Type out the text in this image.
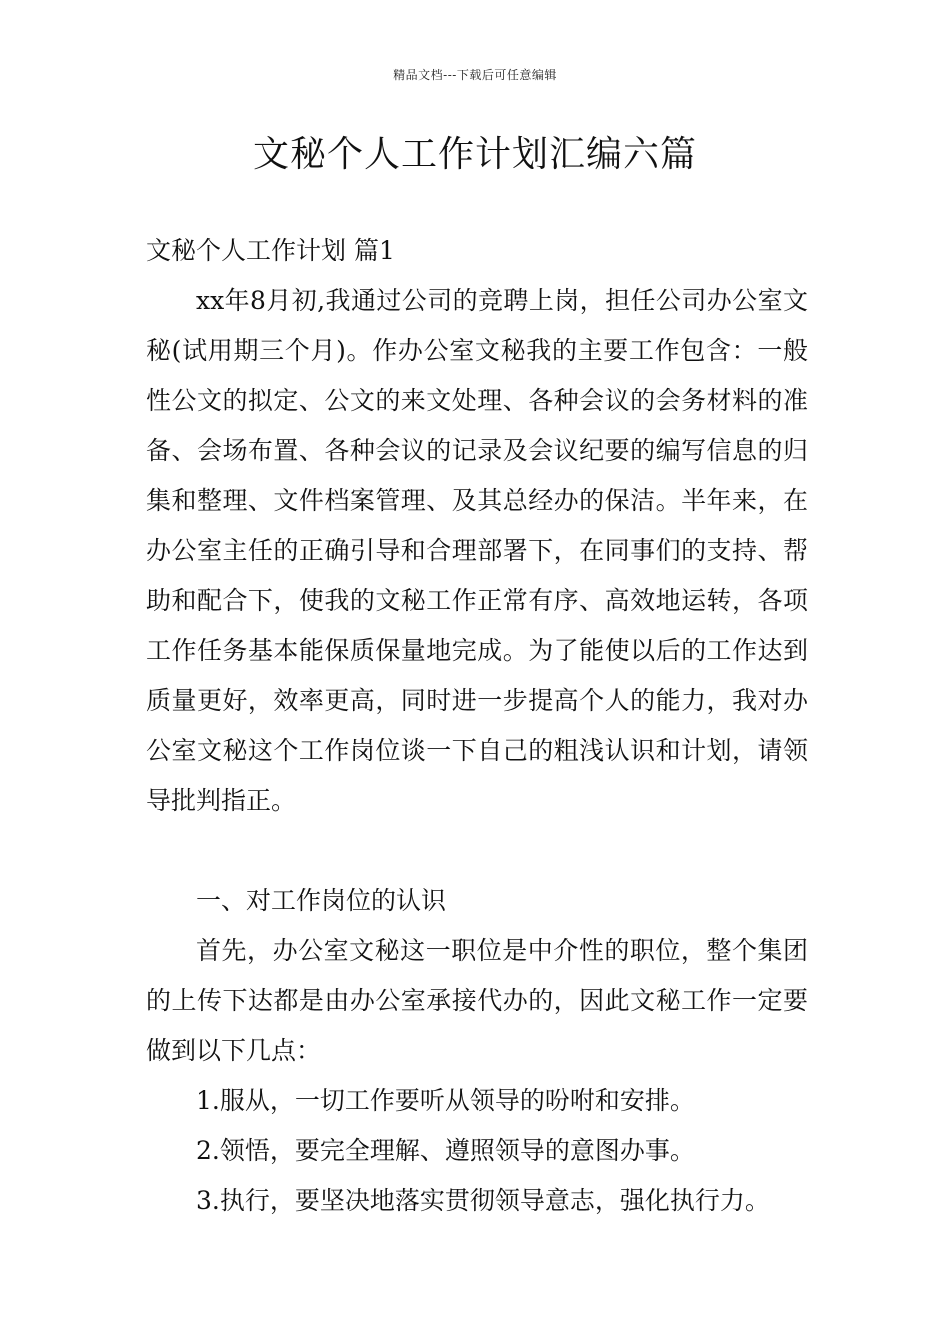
精品文档---下载后可任意编辑
文秘个人工作计划汇编六篇

文秘个人工作计划 篇1

xx年8月初,我通过公司的竞聘上岗，担任公司办公室文秘(试用期三个月)。作办公室文秘我的主要工作包含：一般性公文的拟定、公文的来文处理、各种会议的会务材料的准备、会场布置、各种会议的记录及会议纪要的编写信息的归集和整理、文件档案管理、及其总经办的保洁。半年来，在办公室主任的正确引导和合理部署下，在同事们的支持、帮助和配合下，使我的文秘工作正常有序、高效地运转，各项工作任务基本能保质保量地完成。为了能使以后的工作达到质量更好，效率更高，同时进一步提高个人的能力，我对办公室文秘这个工作岗位谈一下自己的粗浅认识和计划，请领导批判指正。

一、对工作岗位的认识

首先，办公室文秘这一职位是中介性的职位，整个集团的上传下达都是由办公室承接代办的，因此文秘工作一定要做到以下几点：

1.服从，一切工作要听从领导的吩咐和安排。

2.领悟，要完全理解、遵照领导的意图办事。

3.执行，要坚决地落实贯彻领导意志，强化执行力。
